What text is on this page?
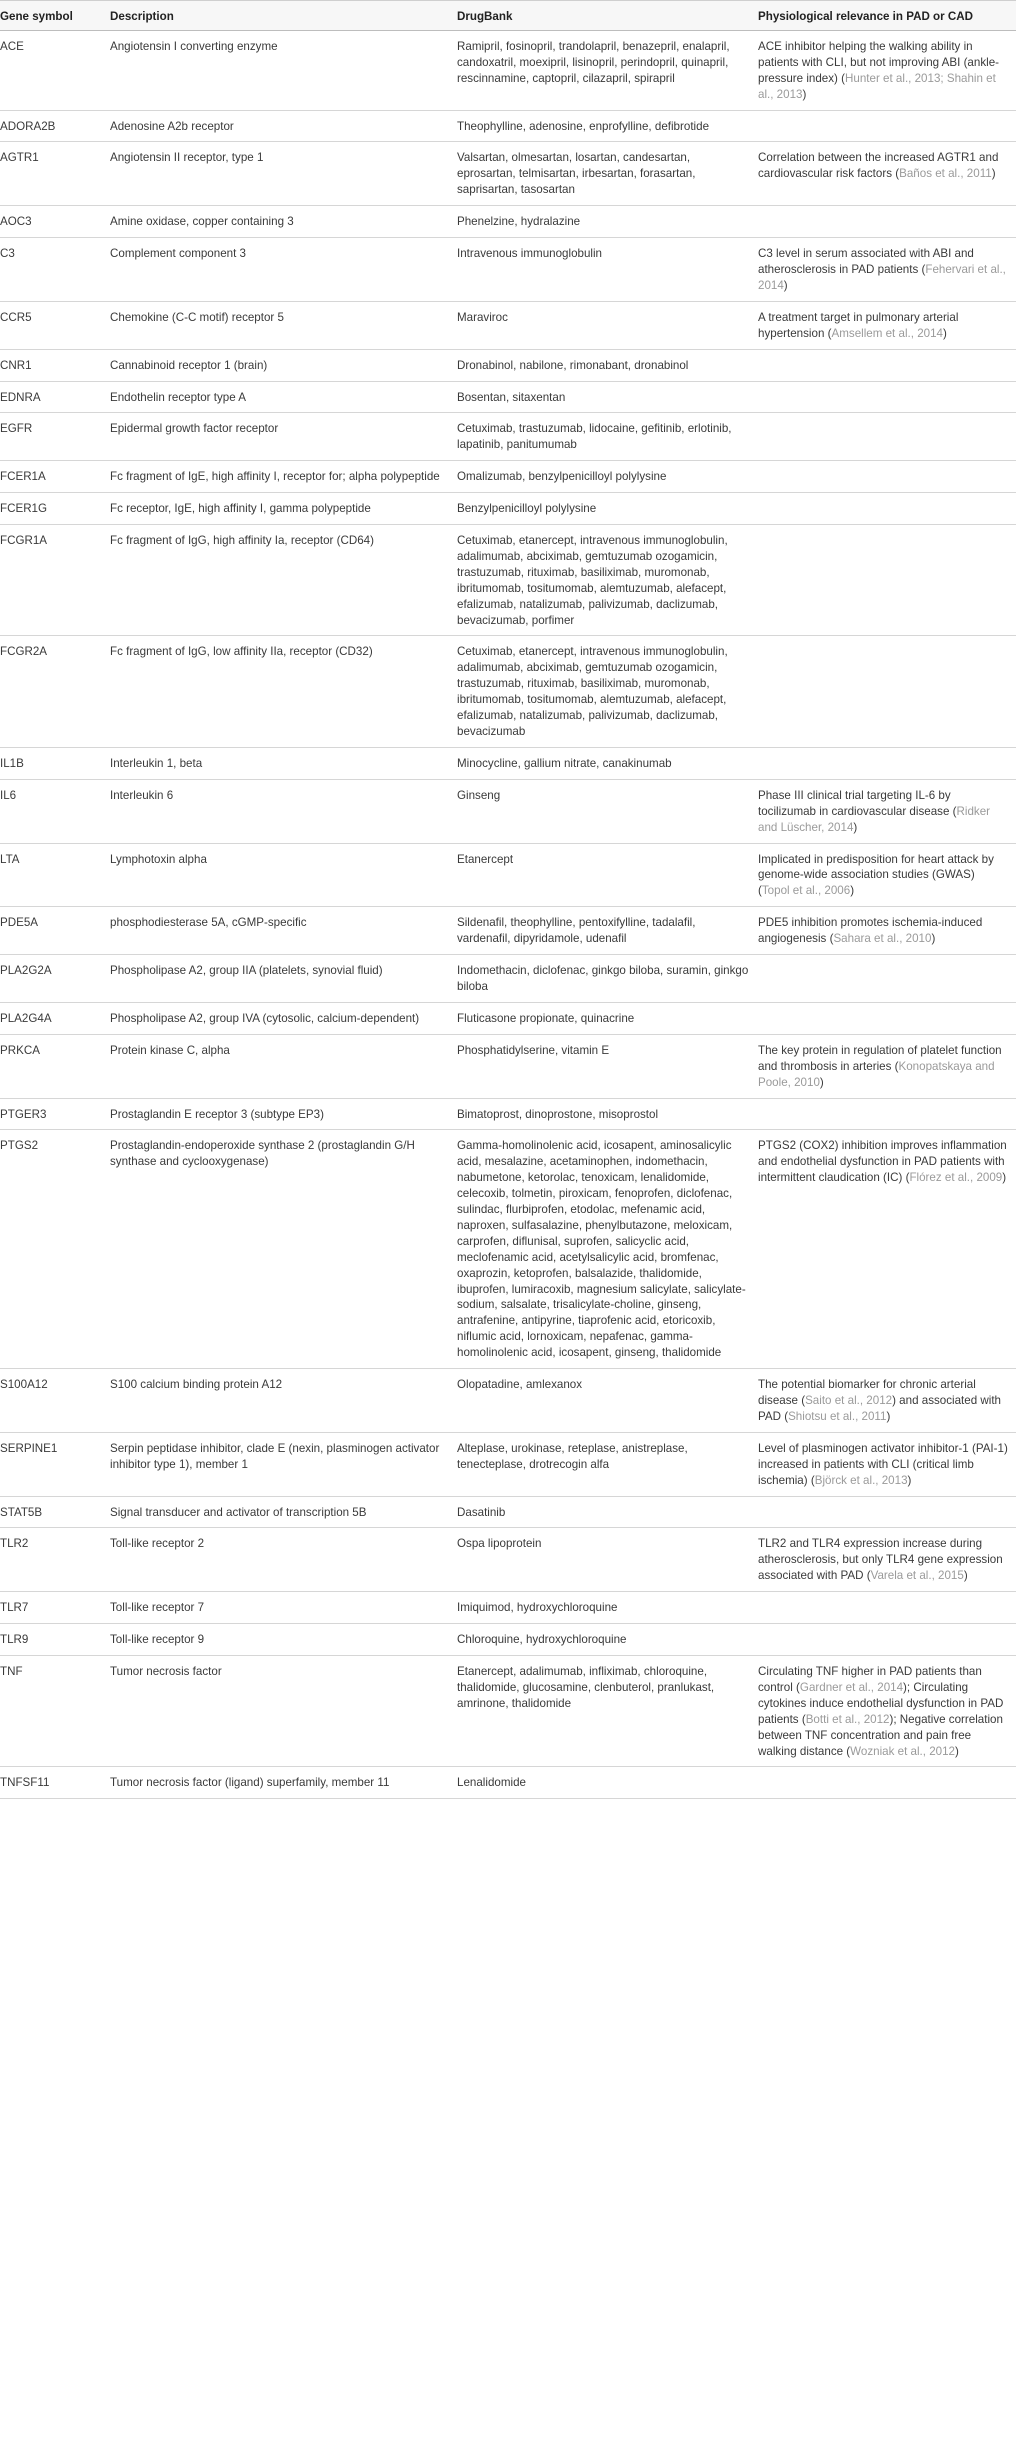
Gene symbol	Description	DrugBank	Physiological relevance in PAD or CAD
ACE	Angiotensin I converting enzyme	Ramipril, fosinopril, trandolapril, benazepril, enalapril, candoxatril, moexipril, lisinopril, perindopril, quinapril, rescinnamine, captopril, cilazapril, spirapril	ACE inhibitor helping the walking ability in patients with CLI, but not improving ABI (ankle-pressure index) (Hunter et al., 2013; Shahin et al., 2013)
ADORA2B	Adenosine A2b receptor	Theophylline, adenosine, enprofylline, defibrotide	
AGTR1	Angiotensin II receptor, type 1	Valsartan, olmesartan, losartan, candesartan, eprosartan, telmisartan, irbesartan, forasartan, saprisartan, tasosartan	Correlation between the increased AGTR1 and cardiovascular risk factors (Baños et al., 2011)
AOC3	Amine oxidase, copper containing 3	Phenelzine, hydralazine	
C3	Complement component 3	Intravenous immunoglobulin	C3 level in serum associated with ABI and atherosclerosis in PAD patients (Fehervari et al., 2014)
CCR5	Chemokine (C-C motif) receptor 5	Maraviroc	A treatment target in pulmonary arterial hypertension (Amsellem et al., 2014)
CNR1	Cannabinoid receptor 1 (brain)	Dronabinol, nabilone, rimonabant, dronabinol	
EDNRA	Endothelin receptor type A	Bosentan, sitaxentan	
EGFR	Epidermal growth factor receptor	Cetuximab, trastuzumab, lidocaine, gefitinib, erlotinib, lapatinib, panitumumab	
FCER1A	Fc fragment of IgE, high affinity I, receptor for; alpha polypeptide	Omalizumab, benzylpenicilloyl polylysine	
FCER1G	Fc receptor, IgE, high affinity I, gamma polypeptide	Benzylpenicilloyl polylysine	
FCGR1A	Fc fragment of IgG, high affinity Ia, receptor (CD64)	Cetuximab, etanercept, intravenous immunoglobulin, adalimumab, abciximab, gemtuzumab ozogamicin, trastuzumab, rituximab, basiliximab, muromonab, ibritumomab, tositumomab, alemtuzumab, alefacept, efalizumab, natalizumab, palivizumab, daclizumab, bevacizumab, porfimer	
FCGR2A	Fc fragment of IgG, low affinity IIa, receptor (CD32)	Cetuximab, etanercept, intravenous immunoglobulin, adalimumab, abciximab, gemtuzumab ozogamicin, trastuzumab, rituximab, basiliximab, muromonab, ibritumomab, tositumomab, alemtuzumab, alefacept, efalizumab, natalizumab, palivizumab, daclizumab, bevacizumab	
IL1B	Interleukin 1, beta	Minocycline, gallium nitrate, canakinumab	
IL6	Interleukin 6	Ginseng	Phase III clinical trial targeting IL-6 by tocilizumab in cardiovascular disease (Ridker and Lüscher, 2014)
LTA	Lymphotoxin alpha	Etanercept	Implicated in predisposition for heart attack by genome-wide association studies (GWAS) (Topol et al., 2006)
PDE5A	phosphodiesterase 5A, cGMP-specific	Sildenafil, theophylline, pentoxifylline, tadalafil, vardenafil, dipyridamole, udenafil	PDE5 inhibition promotes ischemia-induced angiogenesis (Sahara et al., 2010)
PLA2G2A	Phospholipase A2, group IIA (platelets, synovial fluid)	Indomethacin, diclofenac, ginkgo biloba, suramin, ginkgo biloba	
PLA2G4A	Phospholipase A2, group IVA (cytosolic, calcium-dependent)	Fluticasone propionate, quinacrine	
PRKCA	Protein kinase C, alpha	Phosphatidylserine, vitamin E	The key protein in regulation of platelet function and thrombosis in arteries (Konopatskaya and Poole, 2010)
PTGER3	Prostaglandin E receptor 3 (subtype EP3)	Bimatoprost, dinoprostone, misoprostol	
PTGS2	Prostaglandin-endoperoxide synthase 2 (prostaglandin G/H synthase and cyclooxygenase)	Gamma-homolinolenic acid, icosapent, aminosalicylic acid, mesalazine, acetaminophen, indomethacin, nabumetone, ketorolac, tenoxicam, lenalidomide, celecoxib, tolmetin, piroxicam, fenoprofen, diclofenac, sulindac, flurbiprofen, etodolac, mefenamic acid, naproxen, sulfasalazine, phenylbutazone, meloxicam, carprofen, diflunisal, suprofen, salicyclic acid, meclofenamic acid, acetylsalicylic acid, bromfenac, oxaprozin, ketoprofen, balsalazide, thalidomide, ibuprofen, lumiracoxib, magnesium salicylate, salicylate-sodium, salsalate, trisalicylate-choline, ginseng, antrafenine, antipyrine, tiaprofenic acid, etoricoxib, niflumic acid, lornoxicam, nepafenac, gamma-homolinolenic acid, icosapent, ginseng, thalidomide	PTGS2 (COX2) inhibition improves inflammation and endothelial dysfunction in PAD patients with intermittent claudication (IC) (Flórez et al., 2009)
S100A12	S100 calcium binding protein A12	Olopatadine, amlexanox	The potential biomarker for chronic arterial disease (Saito et al., 2012) and associated with PAD (Shiotsu et al., 2011)
SERPINE1	Serpin peptidase inhibitor, clade E (nexin, plasminogen activator inhibitor type 1), member 1	Alteplase, urokinase, reteplase, anistreplase, tenecteplase, drotrecogin alfa	Level of plasminogen activator inhibitor-1 (PAI-1) increased in patients with CLI (critical limb ischemia) (Björck et al., 2013)
STAT5B	Signal transducer and activator of transcription 5B	Dasatinib	
TLR2	Toll-like receptor 2	Ospa lipoprotein	TLR2 and TLR4 expression increase during atherosclerosis, but only TLR4 gene expression associated with PAD (Varela et al., 2015)
TLR7	Toll-like receptor 7	Imiquimod, hydroxychloroquine	
TLR9	Toll-like receptor 9	Chloroquine, hydroxychloroquine	
TNF	Tumor necrosis factor	Etanercept, adalimumab, infliximab, chloroquine, thalidomide, glucosamine, clenbuterol, pranlukast, amrinone, thalidomide	Circulating TNF higher in PAD patients than control (Gardner et al., 2014); Circulating cytokines induce endothelial dysfunction in PAD patients (Botti et al., 2012); Negative correlation between TNF concentration and pain free walking distance (Wozniak et al., 2012)
TNFSF11	Tumor necrosis factor (ligand) superfamily, member 11	Lenalidomide	
